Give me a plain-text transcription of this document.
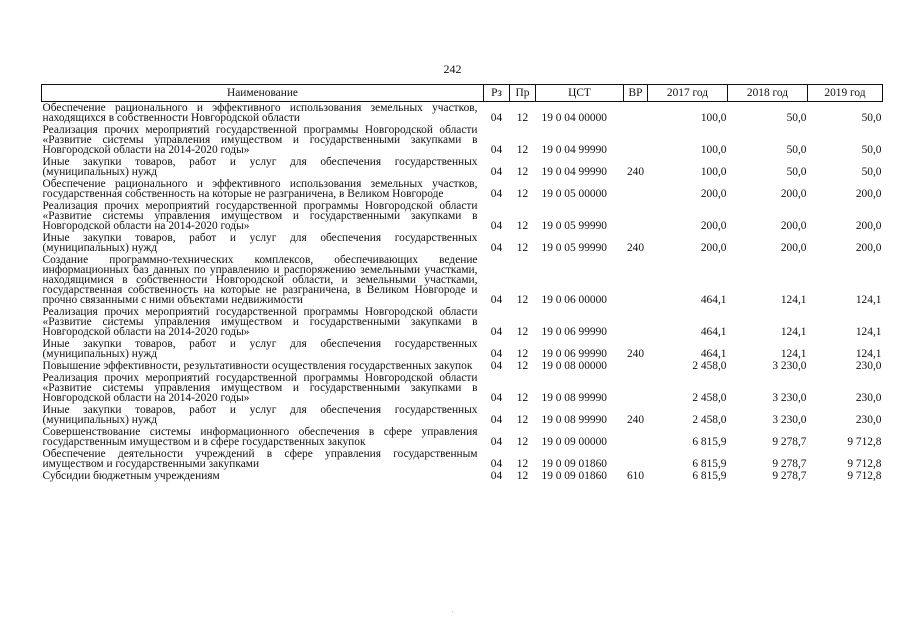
242
Наименование	Рз	Пр	ЦСТ	ВР	2017 год	2018 год	2019 год
Обеспечение рационального и эффективного использования земельных участков, находящихся в собственности Новгородской области	04	12	19 0 04 00000		100,0	50,0	50,0
Реализация прочих мероприятий государственной программы Новгородской области «Развитие системы управления имуществом и государственными закупками в Новгородской области на 2014-2020 годы»	04	12	19 0 04 99990		100,0	50,0	50,0
Иные закупки товаров, работ и услуг для обеспечения государственных (муниципальных) нужд	04	12	19 0 04 99990	240	100,0	50,0	50,0
Обеспечение рационального и эффективного использования земельных участков, государственная собственность на которые не разграничена, в Великом Новгороде	04	12	19 0 05 00000		200,0	200,0	200,0
Реализация прочих мероприятий государственной программы Новгородской области «Развитие системы управления имуществом и государственными закупками в Новгородской области на 2014-2020 годы»	04	12	19 0 05 99990		200,0	200,0	200,0
Иные закупки товаров, работ и услуг для обеспечения государственных (муниципальных) нужд	04	12	19 0 05 99990	240	200,0	200,0	200,0
Создание программно-технических комплексов, обеспечивающих ведение информационных баз данных по управлению и распоряжению земельными участками, находящимися в собственности Новгородской области, и земельными участками, государственная собственность на которые не разграничена, в Великом Новгороде и прочно связанными с ними объектами недвижимости	04	12	19 0 06 00000		464,1	124,1	124,1
Реализация прочих мероприятий государственной программы Новгородской области «Развитие системы управления имуществом и государственными закупками в Новгородской области на 2014-2020 годы»	04	12	19 0 06 99990		464,1	124,1	124,1
Иные закупки товаров, работ и услуг для обеспечения государственных (муниципальных) нужд	04	12	19 0 06 99990	240	464,1	124,1	124,1
Повышение эффективности, результативности осуществления государственных закупок	04	12	19 0 08 00000		2 458,0	3 230,0	230,0
Реализация прочих мероприятий государственной программы Новгородской области «Развитие системы управления имуществом и государственными закупками в Новгородской области на 2014-2020 годы»	04	12	19 0 08 99990		2 458,0	3 230,0	230,0
Иные закупки товаров, работ и услуг для обеспечения государственных (муниципальных) нужд	04	12	19 0 08 99990	240	2 458,0	3 230,0	230,0
Совершенствование системы информационного обеспечения в сфере управления государственным имуществом и в сфере государственных закупок	04	12	19 0 09 00000		6 815,9	9 278,7	9 712,8
Обеспечение деятельности учреждений в сфере управления государственным имуществом и государственными закупками	04	12	19 0 09 01860		6 815,9	9 278,7	9 712,8
Субсидии бюджетным учреждениям	04	12	19 0 09 01860	610	6 815,9	9 278,7	9 712,8
